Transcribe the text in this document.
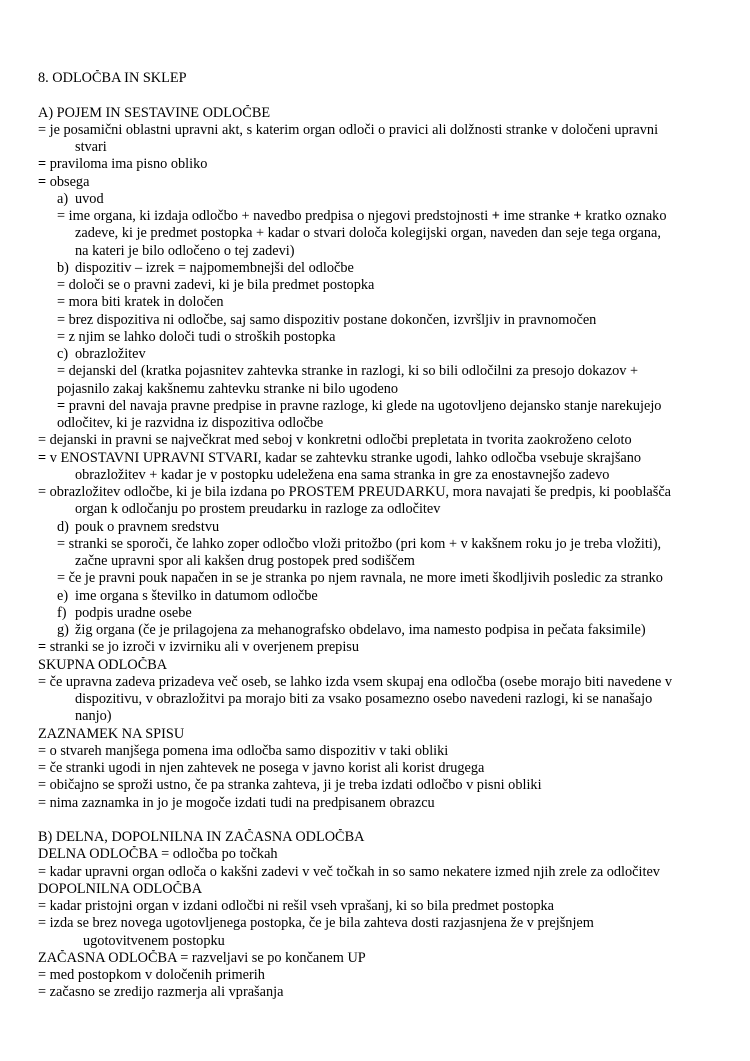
8. ODLOČBA IN SKLEP

A) POJEM IN SESTAVINE ODLOČBE
= je posamični oblastni upravni akt, s katerim organ odloči o pravici ali dolžnosti stranke v določeni upravni
stvari
= praviloma ima pisno obliko
= obsega
a) uvod
= ime organa, ki izdaja odločbo + navedbo predpisa o njegovi predstojnosti + ime stranke + kratko oznako
zadeve, ki je predmet postopka + kadar o stvari določa kolegijski organ, naveden dan seje tega organa,
na kateri je bilo odločeno o tej zadevi)
b) dispozitiv – izrek = najpomembnejši del odločbe
= določi se o pravni zadevi, ki je bila predmet postopka
= mora biti kratek in določen
= brez dispozitiva ni odločbe, saj samo dispozitiv postane dokončen, izvršljiv in pravnomočen
= z njim se lahko določi tudi o stroških postopka
c) obrazložitev
= dejanski del (kratka pojasnitev zahtevka stranke in razlogi, ki so bili odločilni za presojo dokazov +
pojasnilo zakaj kakšnemu zahtevku stranke ni bilo ugodeno
= pravni del navaja pravne predpise in pravne razloge, ki glede na ugotovljeno dejansko stanje narekujejo
odločitev, ki je razvidna iz dispozitiva odločbe
= dejanski in pravni se največkrat med seboj v konkretni odločbi prepletata in tvorita zaokroženo celoto
= v ENOSTAVNI UPRAVNI STVARI, kadar se zahtevku stranke ugodi, lahko odločba vsebuje skrajšano
obrazložitev + kadar je v postopku udeležena ena sama stranka in gre za enostavnejšo zadevo
= obrazložitev odločbe, ki je bila izdana po PROSTEM PREUDARKU, mora navajati še predpis, ki pooblašča
organ k odločanju po prostem preudarku in razloge za odločitev
d) pouk o pravnem sredstvu
= stranki se sporoči, če lahko zoper odločbo vloži pritožbo (pri kom + v kakšnem roku jo je treba vložiti),
začne upravni spor ali kakšen drug postopek pred sodiščem
= če je pravni pouk napačen in se je stranka po njem ravnala, ne more imeti škodljivih posledic za stranko
e) ime organa s številko in datumom odločbe
f) podpis uradne osebe
g) žig organa (če je prilagojena za mehanografsko obdelavo, ima namesto podpisa in pečata faksimile)
= stranki se jo izroči v izvirniku ali v overjenem prepisu
SKUPNA ODLOČBA
= če upravna zadeva prizadeva več oseb, se lahko izda vsem skupaj ena odločba (osebe morajo biti navedene v
dispozitivu, v obrazložitvi pa morajo biti za vsako posamezno osebo navedeni razlogi, ki se nanašajo
nanjo)
ZAZNAMEK NA SPISU
= o stvareh manjšega pomena ima odločba samo dispozitiv v taki obliki
= če stranki ugodi in njen zahtevek ne posega v javno korist ali korist drugega
= običajno se sproži ustno, če pa stranka zahteva, ji je treba izdati odločbo v pisni obliki
= nima zaznamka in jo je mogoče izdati tudi na predpisanem obrazcu

B) DELNA, DOPOLNILNA IN ZAČASNA ODLOČBA
DELNA ODLOČBA = odločba po točkah
= kadar upravni organ odloča o kakšni zadevi v več točkah in so samo nekatere izmed njih zrele za odločitev
DOPOLNILNA ODLOČBA
= kadar pristojni organ v izdani odločbi ni rešil vseh vprašanj, ki so bila predmet postopka
= izda se brez novega ugotovljenega postopka, če je bila zahteva dosti razjasnjena že v prejšnjem
ugotovitvenem postopku
ZAČASNA ODLOČBA = razveljavi se po končanem UP
= med postopkom v določenih primerih
= začasno se zredijo razmerja ali vprašanja
